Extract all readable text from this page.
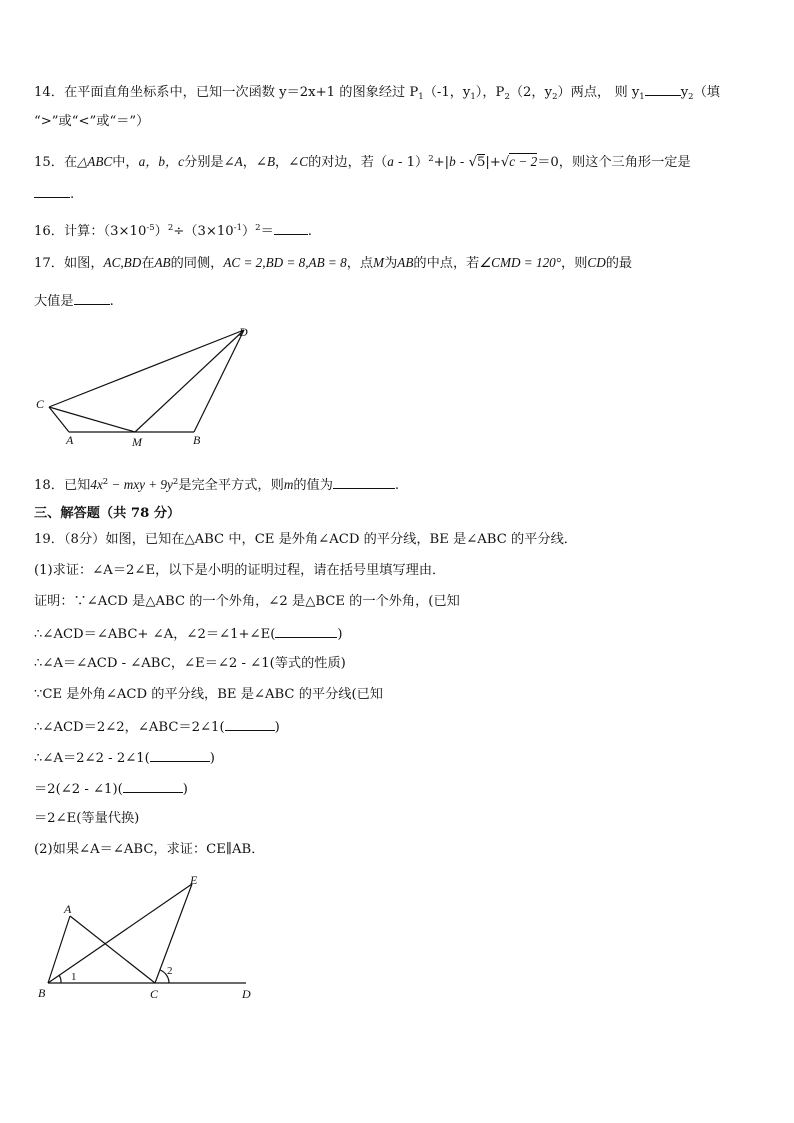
14．在平面直角坐标系中，已知一次函数 y＝2x+1 的图象经过 $P_1(-1$，$y_1$），$P_2(2$，$y_2$）两点， 则 $y_1$	$y_2$（填
“>”或“<”或“＝”）
15．在△ABC中，a，b，c分别是∠A，∠B，∠C的对边，若（a - 1）$^2$+|b - √5|+√c − 2＝0，则这个三角形一定是
.
16．计算：$(3\times 10^{-5})^2\div(3\times 10^{-1})^2=$	.
17．如图，AC,BD在AB的同侧，AC = 2,BD = 8,AB = 8，点M为AB的中点，若∠CMD = 120°，则CD的最
大值是	.
D
C
A	M	B
18．已知$4x^2$ − mxy + $9y^2$是完全平方式，则m的值为	.
三、解答题（共 78 分）
19．（8分）如图，已知在△ABC 中，CE 是外角∠ACD 的平分线，BE 是∠ABC 的平分线．
(1)求证：∠A＝2∠E，以下是小明的证明过程，请在括号里填写理由．
证明：∵∠ACD 是△ABC 的一个外角，∠2 是△BCE 的一个外角，(已知
∴∠ACD＝∠ABC+ ∠A，∠2＝∠1+∠E(	)
∴∠A＝∠ACD - ∠ABC，∠E＝∠2 - ∠1(等式的性质)
∵CE 是外角∠ACD 的平分线，BE 是∠ABC 的平分线(已知
∴∠ACD＝2∠2，∠ABC＝2∠1(	)
∴∠A＝2∠2 - 2∠1(	)
＝2(∠2 - ∠1)(	)
＝2∠E(等量代换)
(2)如果∠A＝∠ABC，求证：CE∥AB．
E
A
B	C	D
1	2
